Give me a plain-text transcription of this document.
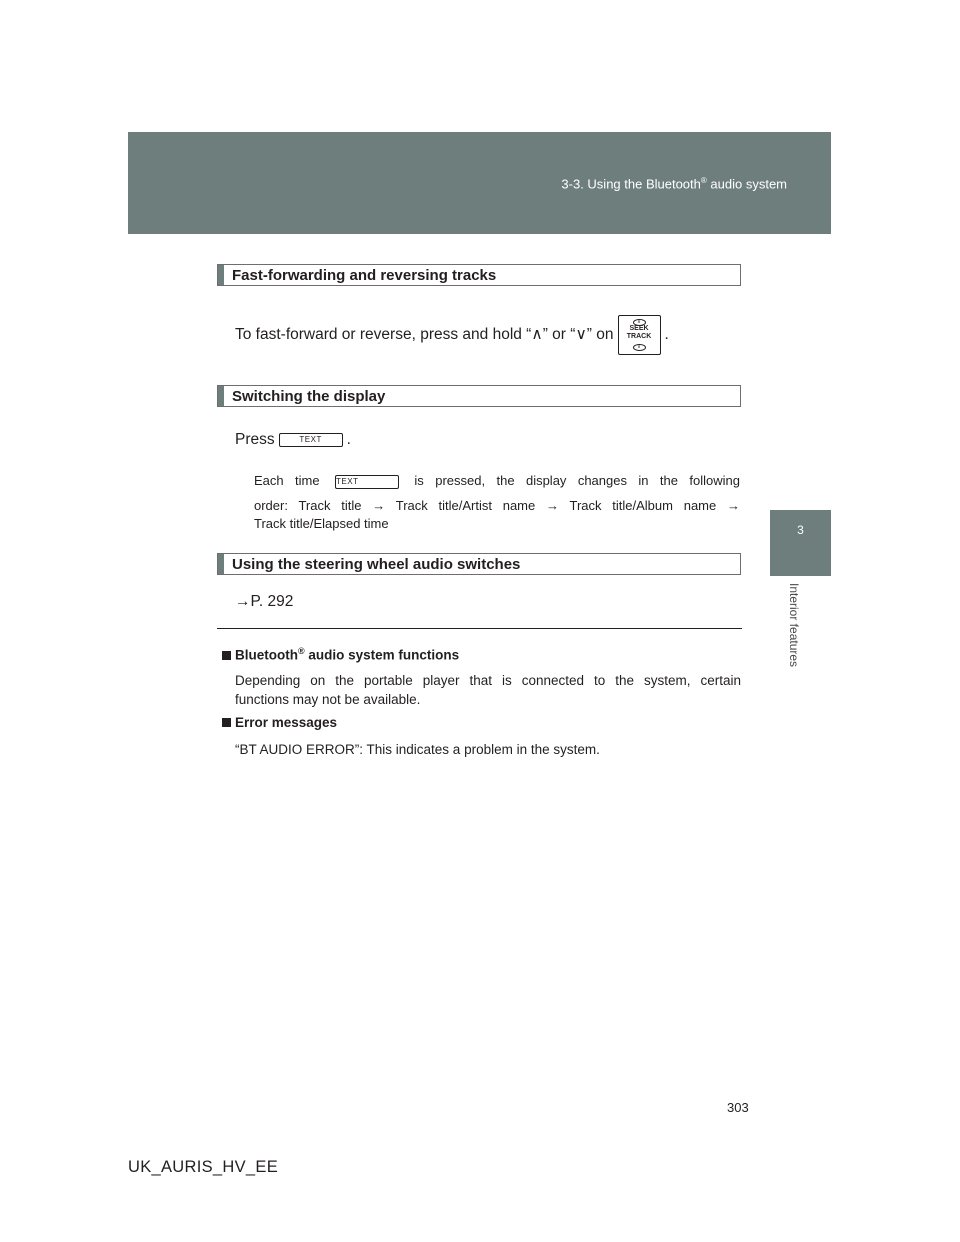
3-3. Using the Bluetooth® audio system
3
Interior features
Fast-forwarding and reversing tracks
To fast-forward or reverse, press and hold “∧” or “∨” on
∧
SEEK
TRACK
∨
.
Switching the display
Press	TEXT .
Each time TEXT	is pressed, the display changes in the following
order: Track title → Track title/Artist name → Track title/Album name →
Track title/Elapsed time
Using the steering wheel audio switches
→P. 292
Bluetooth® audio system functions
Depending on the portable player that is connected to the system, certain
functions may not be available.
Error messages
“BT AUDIO ERROR”: This indicates a problem in the system.
303
UK_AURIS_HV_EE
